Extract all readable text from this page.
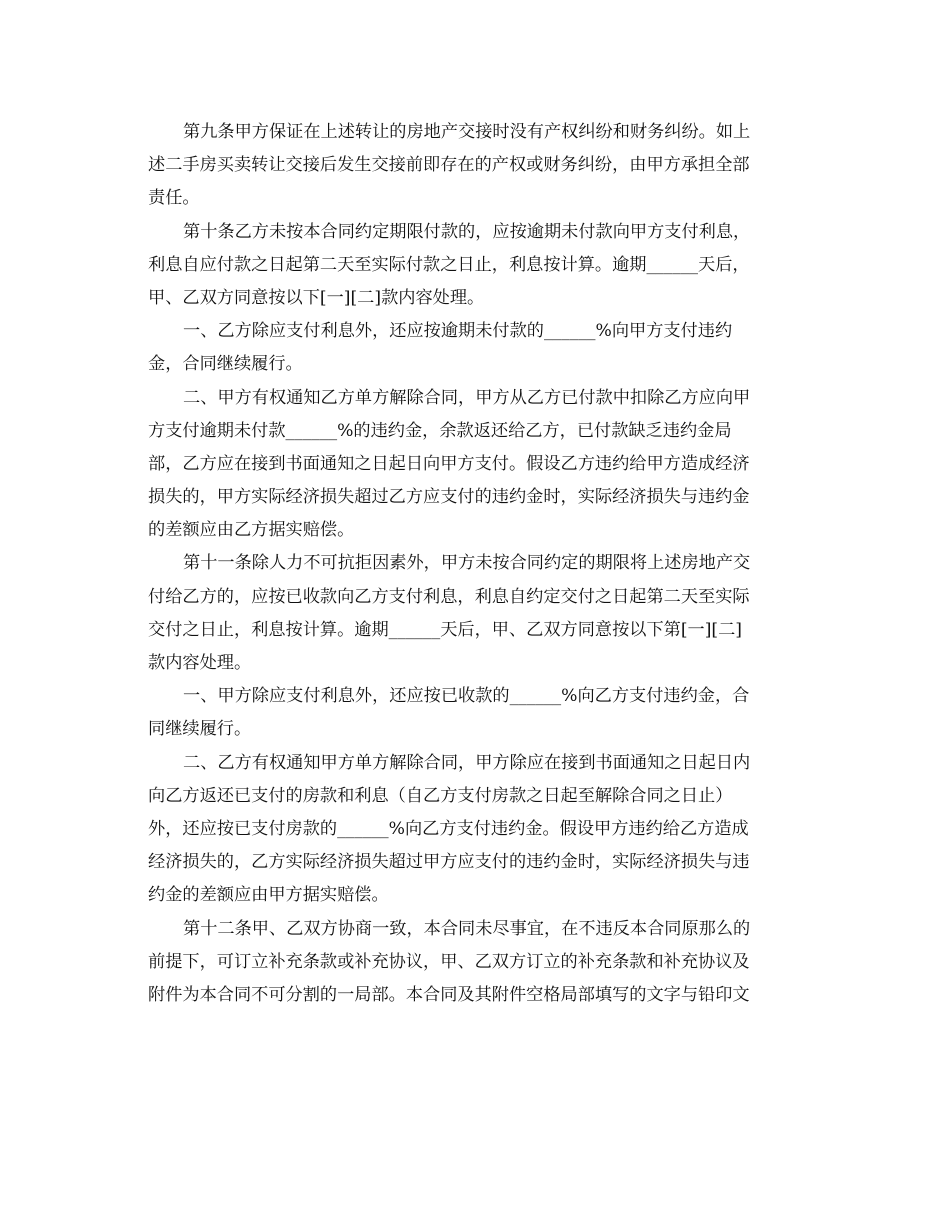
第九条甲方保证在上述转让的房地产交接时没有产权纠纷和财务纠纷。如上
述二手房买卖转让交接后发生交接前即存在的产权或财务纠纷，由甲方承担全部
责任。
第十条乙方未按本合同约定期限付款的，应按逾期未付款向甲方支付利息，
利息自应付款之日起第二天至实际付款之日止，利息按计算。逾期______天后，
甲、乙双方同意按以下[一][二]款内容处理。
一、乙方除应支付利息外，还应按逾期未付款的______%向甲方支付违约
金，合同继续履行。
二、甲方有权通知乙方单方解除合同，甲方从乙方已付款中扣除乙方应向甲
方支付逾期未付款______%的违约金，余款返还给乙方，已付款缺乏违约金局
部，乙方应在接到书面通知之日起日向甲方支付。假设乙方违约给甲方造成经济
损失的，甲方实际经济损失超过乙方应支付的违约金时，实际经济损失与违约金
的差额应由乙方据实赔偿。
第十一条除人力不可抗拒因素外，甲方未按合同约定的期限将上述房地产交
付给乙方的，应按已收款向乙方支付利息，利息自约定交付之日起第二天至实际
交付之日止，利息按计算。逾期______天后，甲、乙双方同意按以下第[一][二]
款内容处理。
一、甲方除应支付利息外，还应按已收款的______%向乙方支付违约金，合
同继续履行。
二、乙方有权通知甲方单方解除合同，甲方除应在接到书面通知之日起日内
向乙方返还已支付的房款和利息（自乙方支付房款之日起至解除合同之日止）
外，还应按已支付房款的______%向乙方支付违约金。假设甲方违约给乙方造成
经济损失的，乙方实际经济损失超过甲方应支付的违约金时，实际经济损失与违
约金的差额应由甲方据实赔偿。
第十二条甲、乙双方协商一致，本合同未尽事宜，在不违反本合同原那么的
前提下，可订立补充条款或补充协议，甲、乙双方订立的补充条款和补充协议及
附件为本合同不可分割的一局部。本合同及其附件空格局部填写的文字与铅印文
